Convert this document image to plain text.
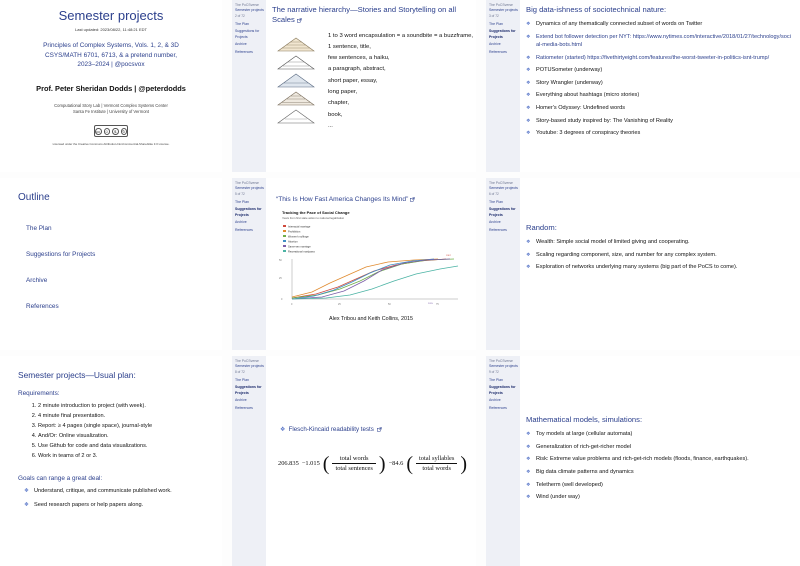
Semester projects
Last updated: 2023/08/22, 11:48:21 EDT
Principles of Complex Systems, Vols. 1, 2, & 3D
CSYS/MATH 6701, 6713, & a pretend number,
2023–2024 | @pocsvox
Prof. Peter Sheridan Dodds | @peterdodds
Computational Story Lab | Vermont Complex Systems Center
Santa Fe Institute | University of Vermont
cc	☺	$	↻
Licensed under the Creative Commons Attribution-NonCommercial-ShareAlike 3.0 License.
The PoCSverse
Semester projects
2 of 72
The Plan
Suggestions for Projects
Archive
References
The narrative hierarchy—Stories and Storytelling on all Scales
1 to 3 word encapsulation = a soundbite = a buzzframe,
1 sentence, title,
few sentences, a haiku,
a paragraph, abstract,
short paper, essay,
long paper,
chapter,
book,
...
The PoCSverse
Semester projects
3 of 72
The Plan
Suggestions for Projects
Archive
References
Big data-ishness of sociotechnical nature:
❖ Dynamics of any thematically connected subset of words on Twitter
❖ Extend bot follower detection per NYT: https://www.nytimes.com/interactive/2018/01/27/technology/social-media-bots.html
❖ Ratiometer (started) https://fivethirtyeight.com/features/the-worst-tweeter-in-politics-isnt-trump/
❖ POTUSometer (underway)
❖ Story Wrangler (underway)
❖ Everything about hashtags (micro stories)
❖ Homer's Odyssey: Undefined words
❖ Story-based study inspired by: The Vanishing of Reality
❖ Youtube: 3 degrees of conspiracy theories
Outline
The Plan
Suggestions for Projects
Archive
References
The PoCSverse
Semester projects
5 of 72
The Plan
Suggestions for Projects
Archive
References
“This Is How Fast America Changes Its Mind”
Tracking the Pace of Social Change
Years from first state action to national legalization
Interracial marriage
Prohibition
Women's suffrage
Abortion
Same-sex marriage
Recreational marijuana
0
25
50
0	25	50	75
1967
2015
Alex Tribou and Keith Collins, 2015
The PoCSverse
Semester projects
6 of 72
The Plan
Suggestions for Projects
Archive
References	Random:
❖ Wealth: Simple social model of limited giving and cooperating.
❖ Scaling regarding component, size, and number for any complex system.
❖ Exploration of networks underlying many systems (big part of the PoCS to come).
Semester projects—Usual plan:
Requirements:
1. 2 minute introduction to project (with week).
2. 4 minute final presentation.
3. Report: ≥ 4 pages (single space), journal-style
4. And/Or: Online visualization.
5. Use Github for code and data visualizations.
6. Work in teams of 2 or 3.
Goals can range a great deal:
❖ Understand, critique, and communicate published work.
❖ Seed research papers or help papers along.
The PoCSverse
Semester projects
8 of 72
The Plan
Suggestions for Projects
Archive
References
❖ Flesch-Kincaid readability tests
206.835 −1.015 ( $\frac{\text{total words}}{\text{total sentences}}$ ) −84.6 ( $\frac{\text{total syllables}}{\text{total words}}$ )
The PoCSverse
Semester projects
9 of 72
The Plan
Suggestions for Projects
Archive
References
Mathematical models, simulations:
❖ Toy models at large (cellular automata)
❖ Generalization of rich-get-richer model
❖ Risk: Extreme value problems and rich-get-rich models (floods, finance, earthquakes).
❖ Big data climate patterns and dynamics
❖ Teletherm (well developed)
❖ Wind (under way)
